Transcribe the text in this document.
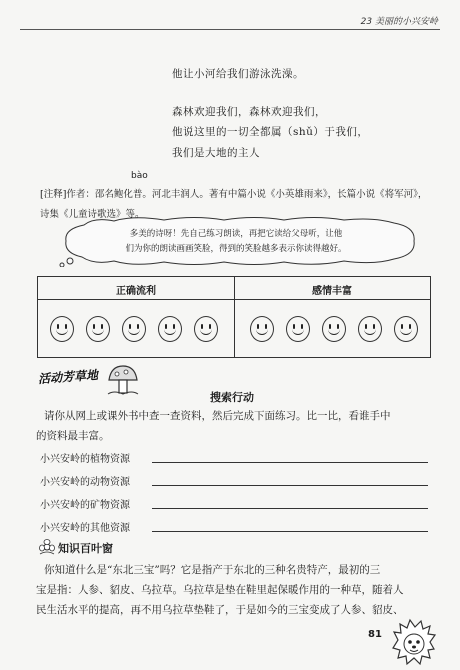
23 美丽的小兴安岭
他让小河给我们游泳洗澡。
森林欢迎我们，森林欢迎我们，
他说这里的一切全都属（shǔ）于我们，
我们是大地的主人
bào
[注释]作者：邵名鲍化普。河北丰润人。著有中篇小说《小英雄雨来》，长篇小说《将军河》，诗集《儿童诗歌选》等。
多美的诗呀！先自己练习朗读，再把它读给父母听，让他
们为你的朗读画画笑脸，得到的笑脸越多表示你读得越好。
正确流利	感情丰富
活动芳草地
搜索行动
请你从网上或课外书中查一查资料，然后完成下面练习。比一比，看谁手中
的资料最丰富。
小兴安岭的植物资源
小兴安岭的动物资源
小兴安岭的矿物资源
小兴安岭的其他资源
知识百叶窗
你知道什么是“东北三宝”吗？它是指产于东北的三种名贵特产，最初的三
宝是指：人参、貂皮、乌拉草。乌拉草是垫在鞋里起保暖作用的一种草，随着人
民生活水平的提高，再不用乌拉草垫鞋了，于是如今的三宝变成了人参、貂皮、
81
